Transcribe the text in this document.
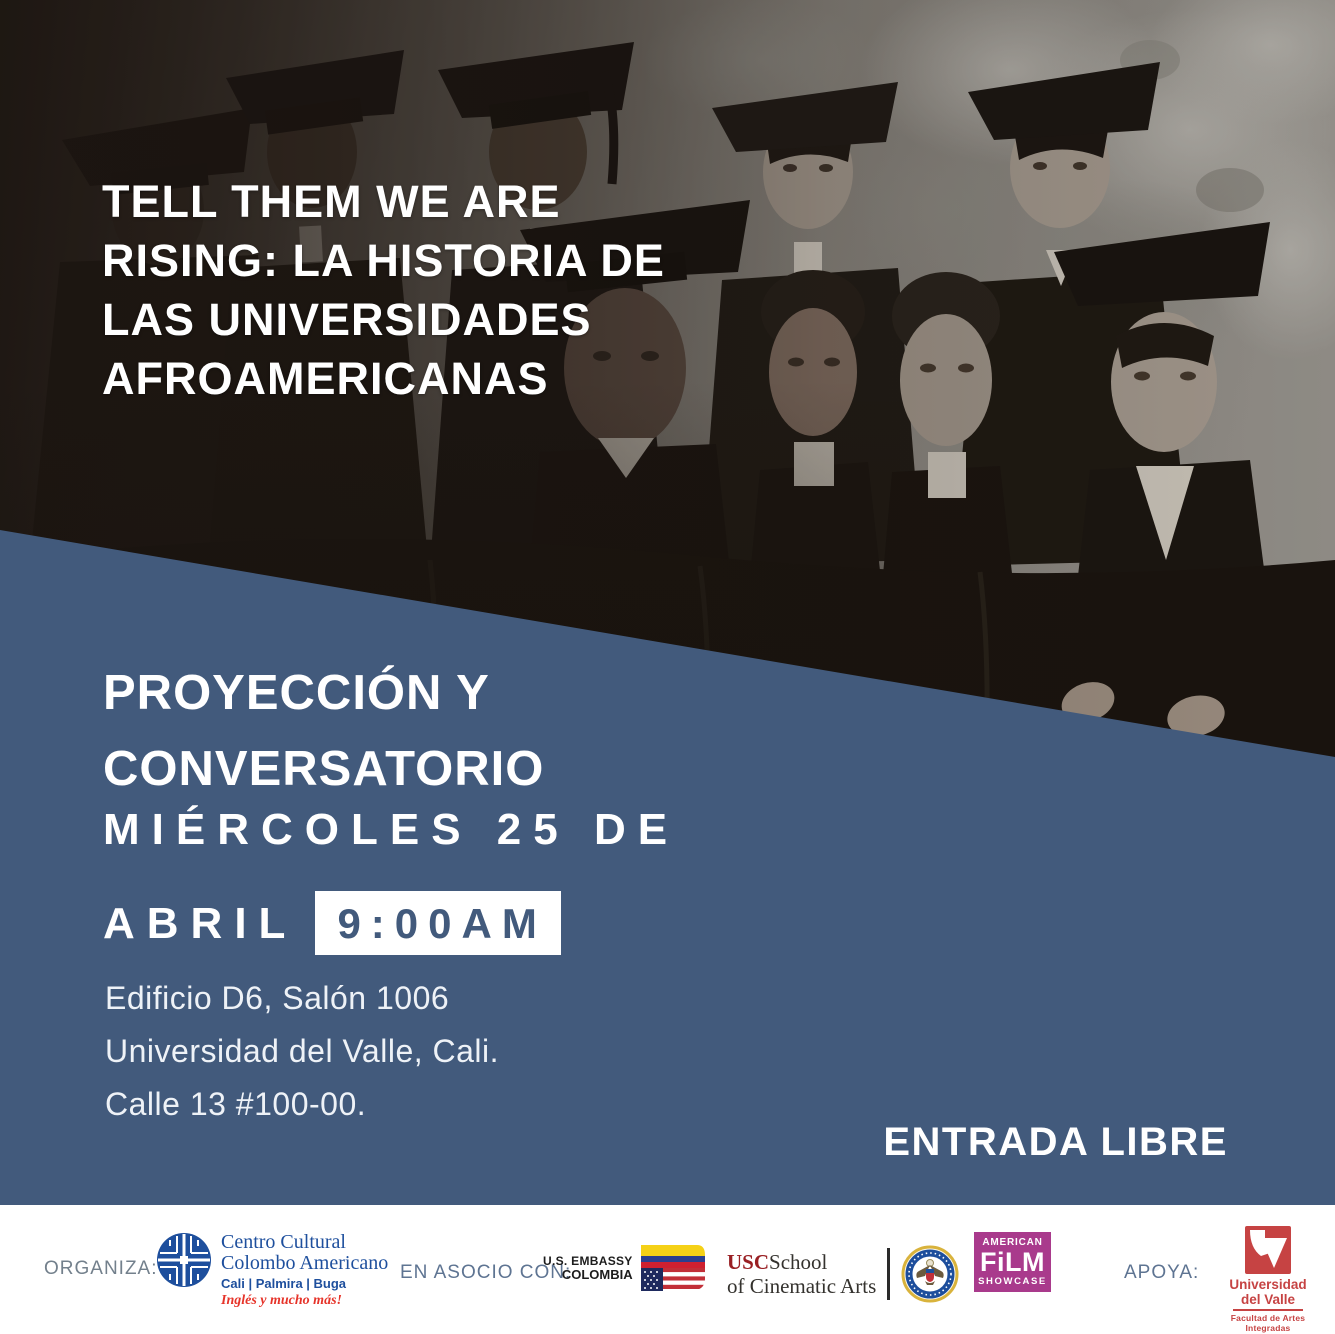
TELL THEM WE ARE
RISING: LA HISTORIA DE
LAS UNIVERSIDADES
AFROAMERICANAS
PROYECCIÓN Y
CONVERSATORIO
MIÉRCOLES 25 DE
ABRIL 9:00AM
Edificio D6, Salón 1006
Universidad del Valle, Cali.
Calle 13 #100-00.
ENTRADA LIBRE
ORGANIZA:
Centro Cultural
Colombo Americano
Cali | Palmira | Buga
Inglés y mucho más!
EN ASOCIO CON:
U.S. EMBASSY
COLOMBIA
USCSchool
of Cinematic Arts
AMERICAN
FiLM
SHOWCASE	APOYA:
Universidad
del Valle
Facultad de Artes Integradas
